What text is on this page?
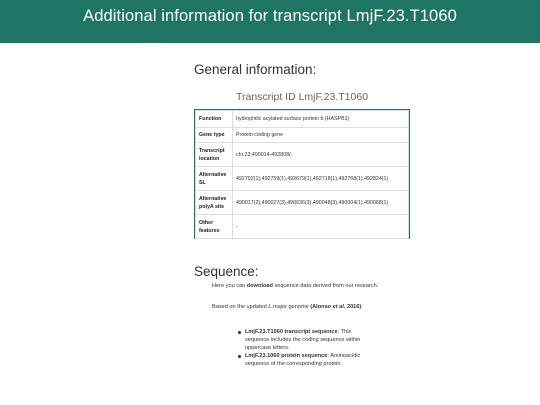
Additional information for transcript LmjF.23.T1060
General information:
Transcript ID LmjF.23.T1060
Function	hydrophilic acylated surface protein b (HASPB1)
Gene type	Protein coding gene
Transcript location	chr.23:490014-492808(-
Alternative SL	492792(1),492759(1),492679(1),492718(1),492768(1),492824(1)
Alternative polyA site	490017(2),490027(3),490036(3),490048(3),490004(1),490068(1)
Other features	-
Sequence:

Here you can download sequence data derived from our research.

Based on the updated L.major genome (Alonso et al. 2016):

LmjF.23.T1060 transcript sequence: This sequence includes the coding sequence within uppercase letters.
LmjF.23.1060 protein sequence: Aminoacidic sequence of the corresponding protein.
